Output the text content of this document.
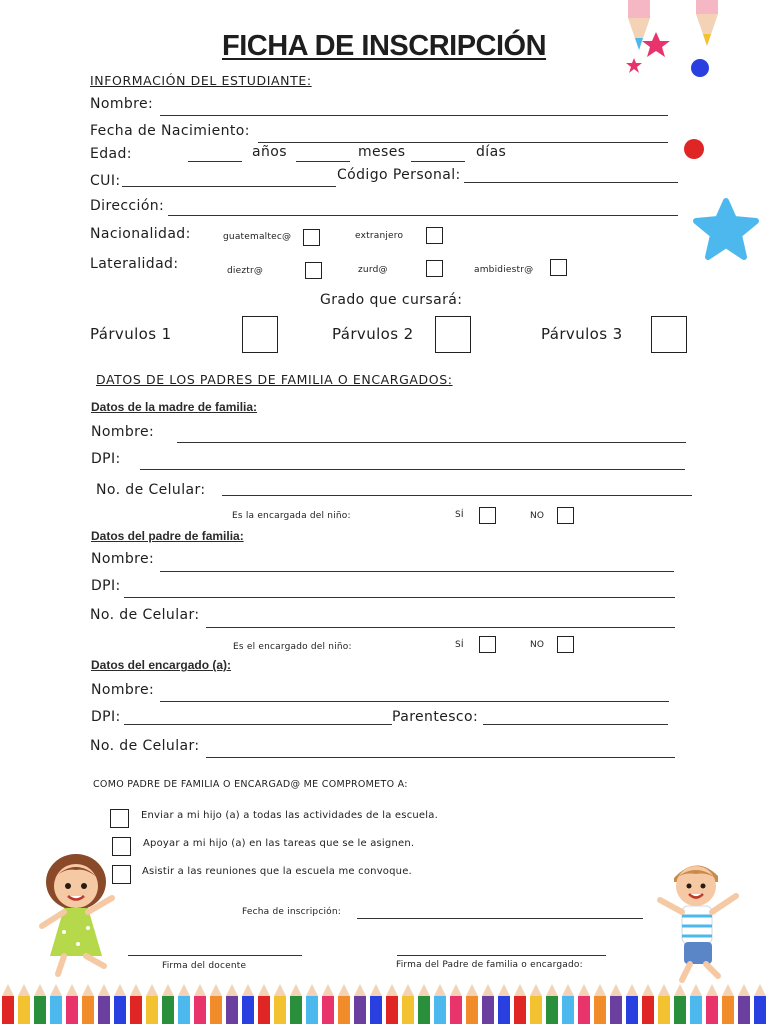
FICHA DE INSCRIPCIÓN
INFORMACIÓN DEL ESTUDIANTE:
Nombre:
Fecha de Nacimiento:
Edad:	años	meses	días
CUI:	Código Personal:
Dirección:
Nacionalidad:	guatemaltec@	extranjero
Lateralidad:	dieztr@	zurd@	ambidiestr@
Grado que cursará:
Párvulos 1	Párvulos 2	Párvulos 3
DATOS DE LOS PADRES DE FAMILIA O ENCARGADOS:
Datos de la madre de familia:
Nombre:
DPI:
No. de Celular:
Es la encargada del niño:	SÍ	NO
Datos del padre de familia:
Nombre:
DPI:
No. de Celular:
Es el encargado del niño:	SÍ	NO
Datos del encargado (a):
Nombre:
DPI:	Parentesco:
No. de Celular:
COMO PADRE DE FAMILIA O ENCARGAD@ ME COMPROMETO A:
Enviar a mi hijo (a) a todas las actividades de la escuela.
Apoyar a mi hijo (a) en las tareas que se le asignen.
Asistir a las reuniones que la escuela me convoque.
Fecha de inscripción:
Firma del docente	Firma del Padre de familia o encargado:
